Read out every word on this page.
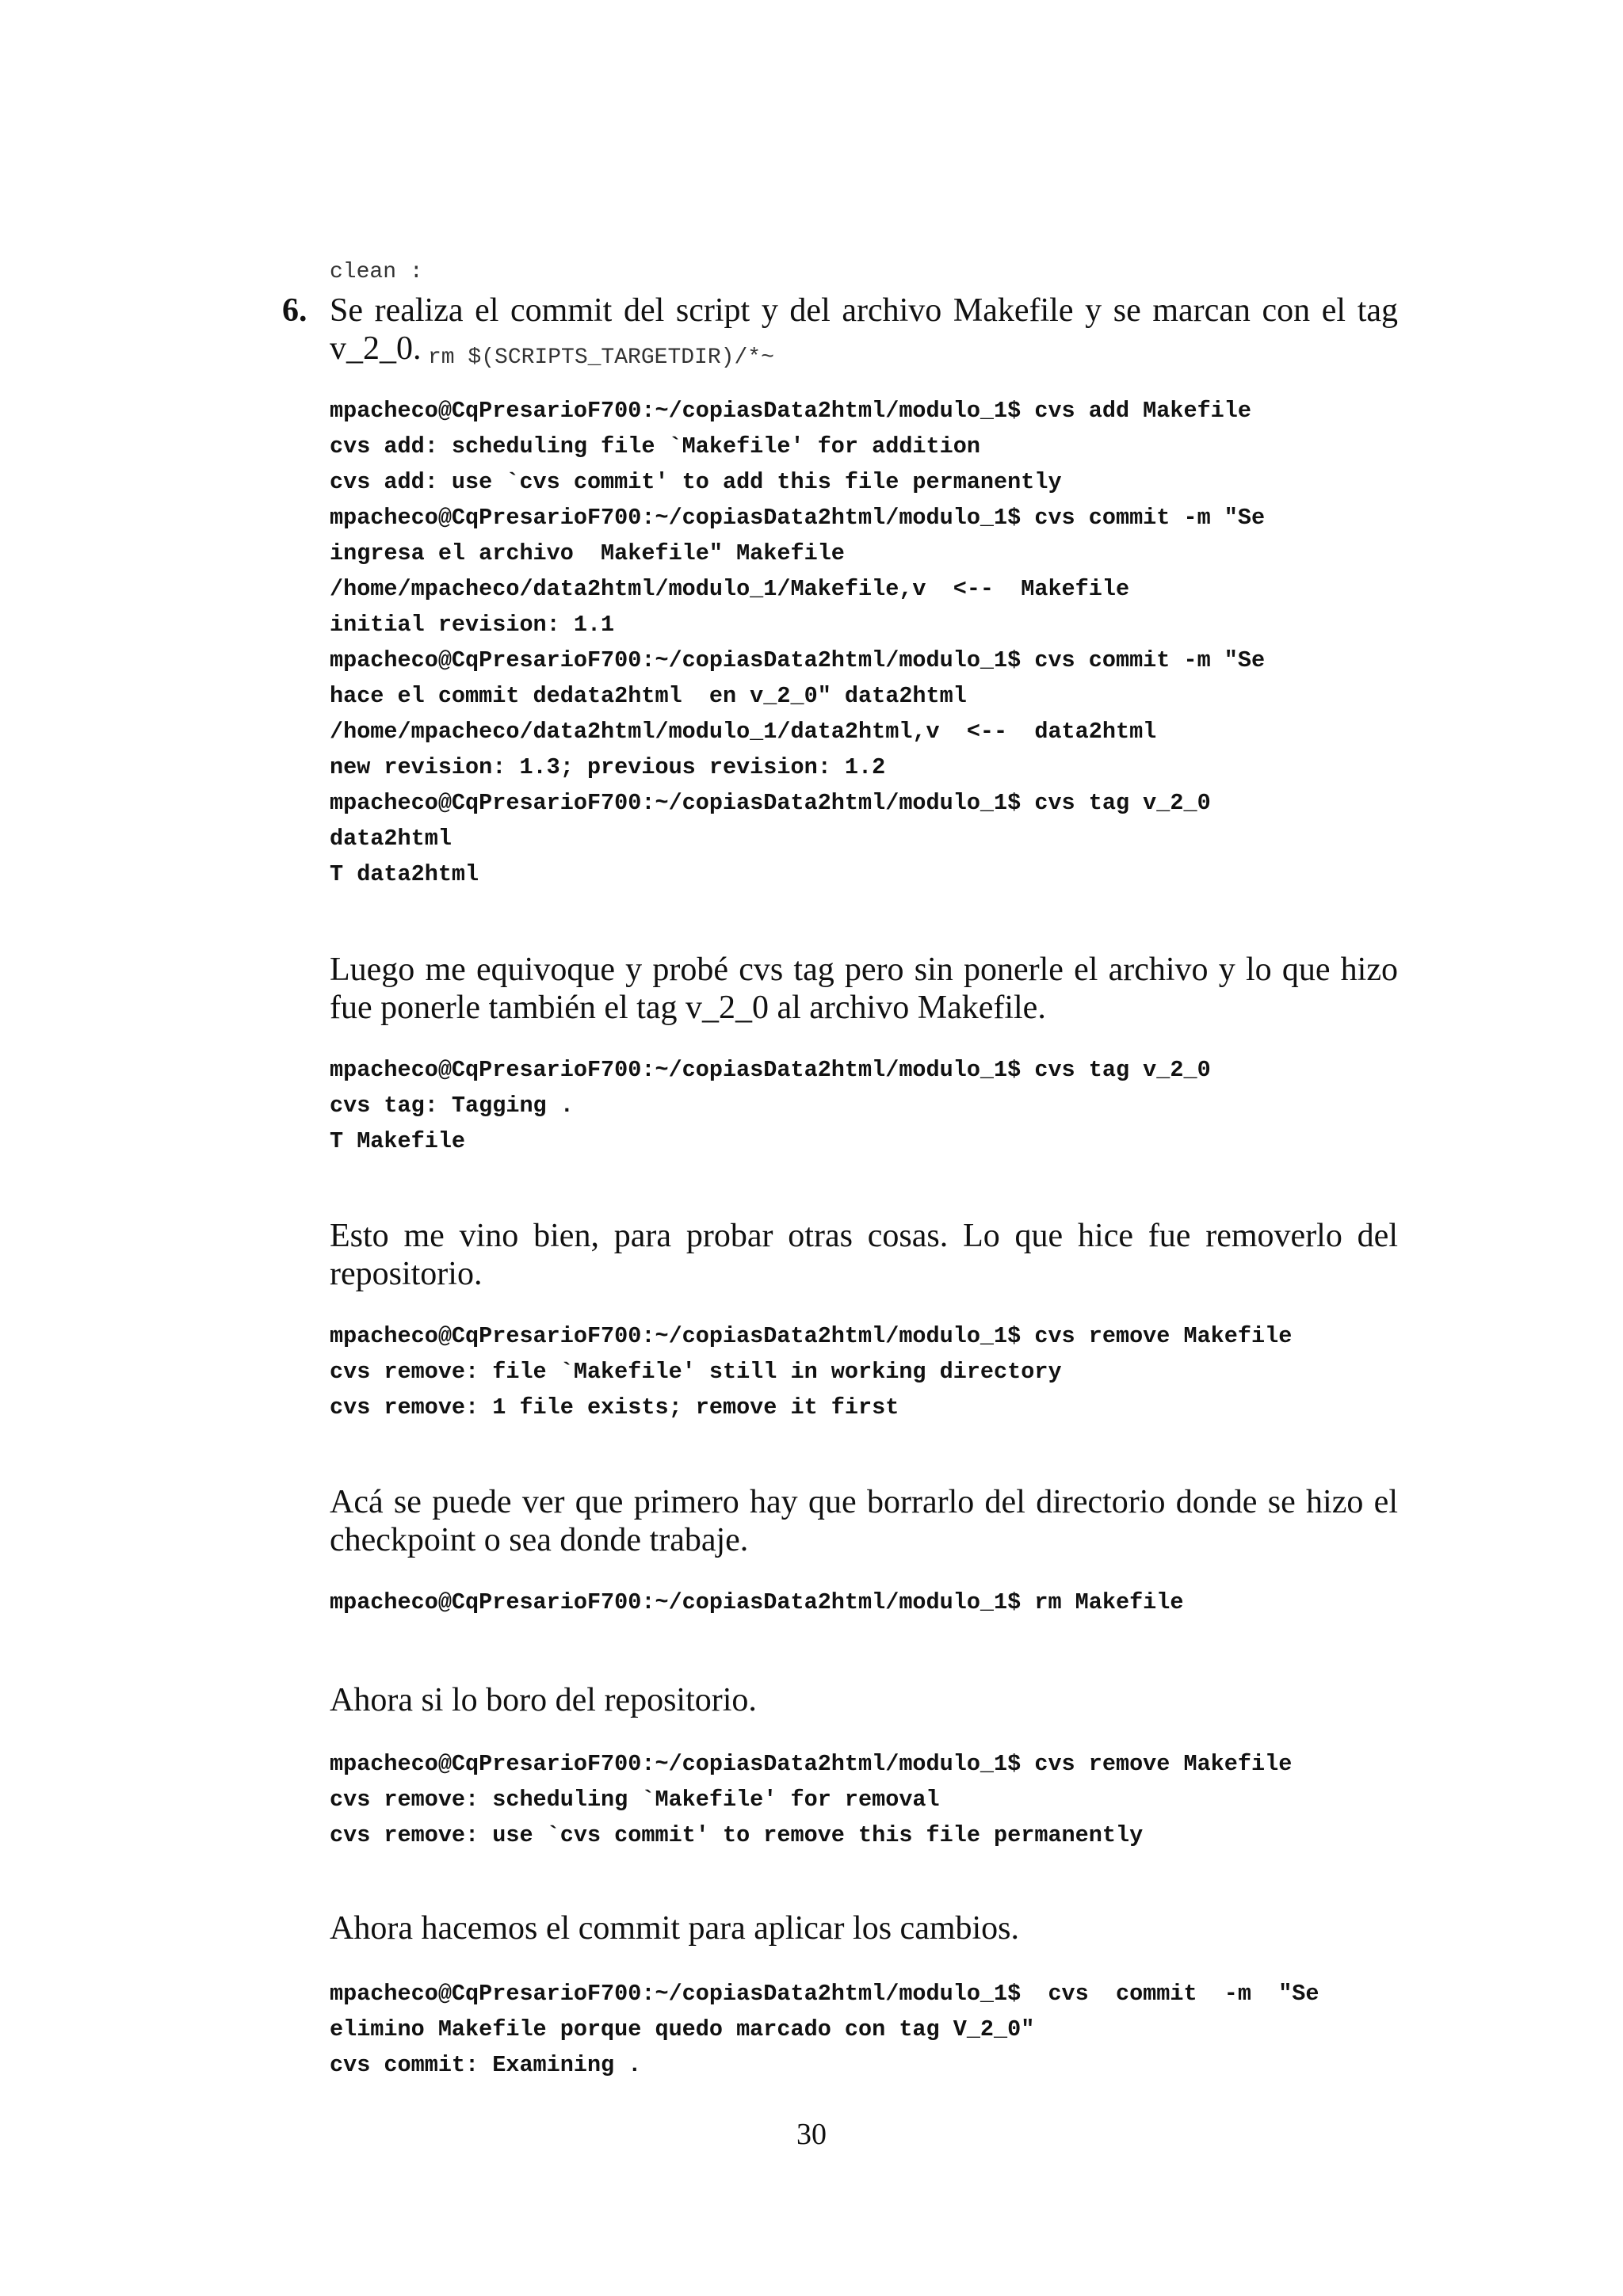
clean :

rm $(SCRIPTS_TARGETDIR)/*~

6. Se realiza el commit del script y del archivo Makefile y se marcan con el tag v_2_0.
mpacheco@CqPresarioF700:~/copiasData2html/modulo_1$ cvs add Makefile
cvs add: scheduling file `Makefile' for addition
cvs add: use `cvs commit' to add this file permanently
mpacheco@CqPresarioF700:~/copiasData2html/modulo_1$ cvs commit -m "Se
ingresa el archivo  Makefile" Makefile
/home/mpacheco/data2html/modulo_1/Makefile,v  <--  Makefile
initial revision: 1.1
mpacheco@CqPresarioF700:~/copiasData2html/modulo_1$ cvs commit -m "Se
hace el commit dedata2html  en v_2_0" data2html
/home/mpacheco/data2html/modulo_1/data2html,v  <--  data2html
new revision: 1.3; previous revision: 1.2
mpacheco@CqPresarioF700:~/copiasData2html/modulo_1$ cvs tag v_2_0
data2html
T data2html

Luego me equivoque y probé cvs tag pero sin ponerle el archivo y lo que hizo fue ponerle también el tag v_2_0 al archivo Makefile.

mpacheco@CqPresarioF700:~/copiasData2html/modulo_1$ cvs tag v_2_0
cvs tag: Tagging .
T Makefile

Esto me vino bien, para probar otras cosas. Lo que hice fue removerlo del repositorio.

mpacheco@CqPresarioF700:~/copiasData2html/modulo_1$ cvs remove Makefile
cvs remove: file `Makefile' still in working directory
cvs remove: 1 file exists; remove it first

Acá se puede ver que primero hay que borrarlo del directorio donde se hizo el checkpoint o sea donde trabaje.

mpacheco@CqPresarioF700:~/copiasData2html/modulo_1$ rm Makefile

Ahora si lo boro del repositorio.

mpacheco@CqPresarioF700:~/copiasData2html/modulo_1$ cvs remove Makefile
cvs remove: scheduling `Makefile' for removal
cvs remove: use `cvs commit' to remove this file permanently

Ahora hacemos el commit para aplicar los cambios.

mpacheco@CqPresarioF700:~/copiasData2html/modulo_1$  cvs  commit  -m  "Se
elimino Makefile porque quedo marcado con tag V_2_0"
cvs commit: Examining .
30
